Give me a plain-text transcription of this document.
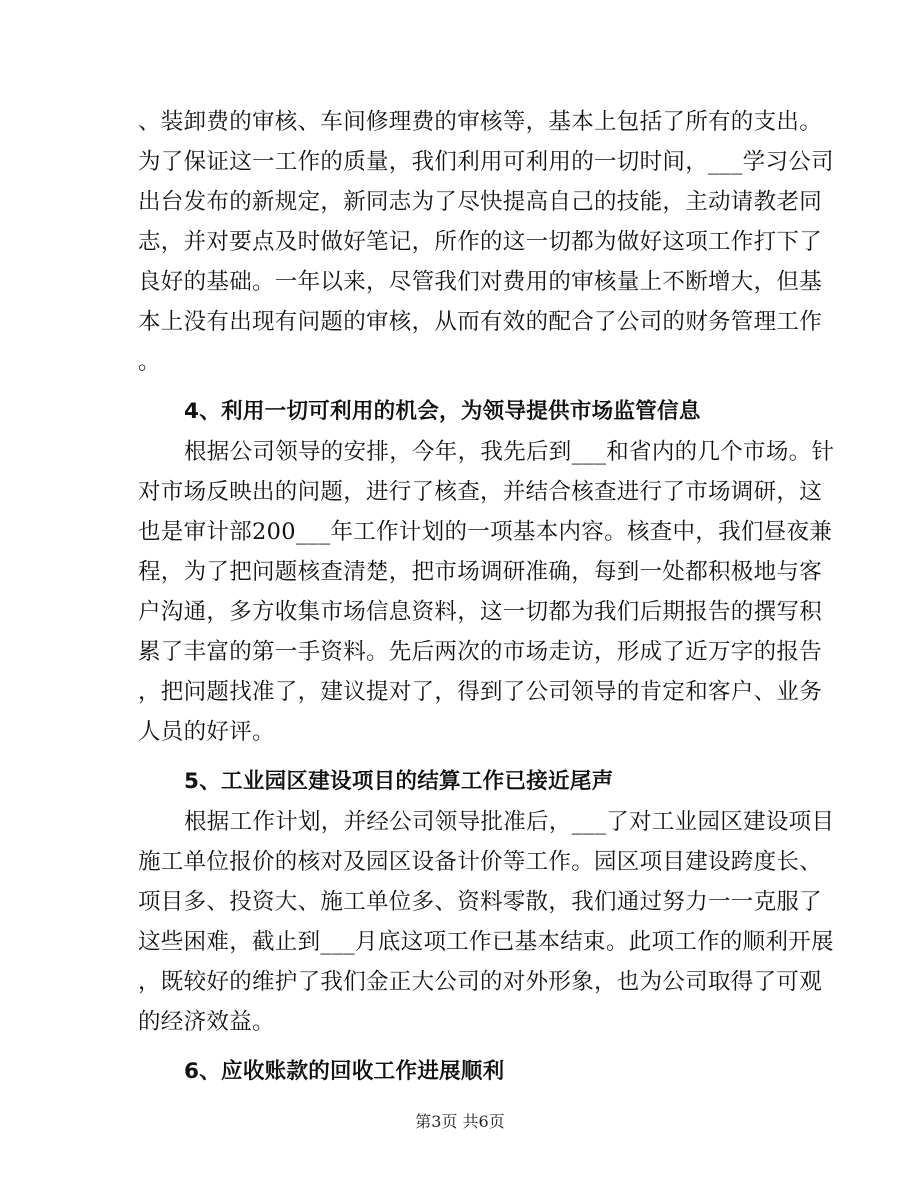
、装卸费的审核、车间修理费的审核等，基本上包括了所有的支出。
为了保证这一工作的质量，我们利用可利用的一切时间，___学习公司
出台发布的新规定，新同志为了尽快提高自己的技能，主动请教老同
志，并对要点及时做好笔记，所作的这一切都为做好这项工作打下了
良好的基础。一年以来，尽管我们对费用的审核量上不断增大，但基
本上没有出现有问题的审核，从而有效的配合了公司的财务管理工作
。
4、利用一切可利用的机会，为领导提供市场监管信息
根据公司领导的安排，今年，我先后到___和省内的几个市场。针
对市场反映出的问题，进行了核查，并结合核查进行了市场调研，这
也是审计部200___年工作计划的一项基本内容。核查中，我们昼夜兼
程，为了把问题核查清楚，把市场调研准确，每到一处都积极地与客
户沟通，多方收集市场信息资料，这一切都为我们后期报告的撰写积
累了丰富的第一手资料。先后两次的市场走访，形成了近万字的报告
，把问题找准了，建议提对了，得到了公司领导的肯定和客户、业务
人员的好评。
5、工业园区建设项目的结算工作已接近尾声
根据工作计划，并经公司领导批准后，___了对工业园区建设项目
施工单位报价的核对及园区设备计价等工作。园区项目建设跨度长、
项目多、投资大、施工单位多、资料零散，我们通过努力一一克服了
这些困难，截止到___月底这项工作已基本结束。此项工作的顺利开展
，既较好的维护了我们金正大公司的对外形象，也为公司取得了可观
的经济效益。
6、应收账款的回收工作进展顺利
第3页 共6页
